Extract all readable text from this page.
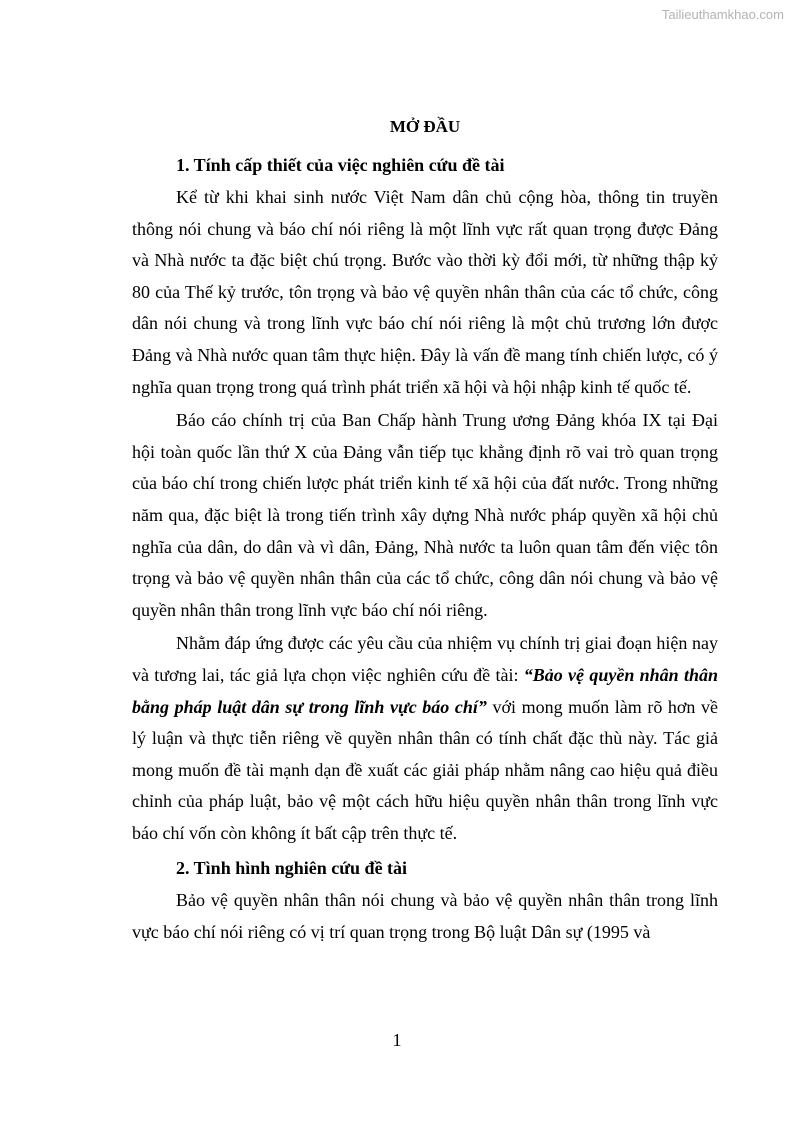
Tailieuthamkhao.com
MỞ ĐẦU
1. Tính cấp thiết của việc nghiên cứu đề tài

Kể từ khi khai sinh nước Việt Nam dân chủ cộng hòa, thông tin truyền thông nói chung và báo chí nói riêng là một lĩnh vực rất quan trọng được Đảng và Nhà nước ta đặc biệt chú trọng. Bước vào thời kỳ đổi mới, từ những thập kỷ 80 của Thế kỷ trước, tôn trọng và bảo vệ quyền nhân thân của các tổ chức, công dân nói chung và trong lĩnh vực báo chí nói riêng là một chủ trương lớn được Đảng và Nhà nước quan tâm thực hiện. Đây là vấn đề mang tính chiến lược, có ý nghĩa quan trọng trong quá trình phát triển xã hội và hội nhập kinh tế quốc tế.

Báo cáo chính trị của Ban Chấp hành Trung ương Đảng khóa IX tại Đại hội toàn quốc lần thứ X của Đảng vẫn tiếp tục khẳng định rõ vai trò quan trọng của báo chí trong chiến lược phát triển kinh tế xã hội của đất nước. Trong những năm qua, đặc biệt là trong tiến trình xây dựng Nhà nước pháp quyền xã hội chủ nghĩa của dân, do dân và vì dân, Đảng, Nhà nước ta luôn quan tâm đến việc tôn trọng và bảo vệ quyền nhân thân của các tổ chức, công dân nói chung và bảo vệ quyền nhân thân trong lĩnh vực báo chí nói riêng.

Nhằm đáp ứng được các yêu cầu của nhiệm vụ chính trị giai đoạn hiện nay và tương lai, tác giả lựa chọn việc nghiên cứu đề tài: “Bảo vệ quyền nhân thân bằng pháp luật dân sự trong lĩnh vực báo chí” với mong muốn làm rõ hơn về lý luận và thực tiễn riêng về quyền nhân thân có tính chất đặc thù này. Tác giả mong muốn đề tài mạnh dạn đề xuất các giải pháp nhằm nâng cao hiệu quả điều chỉnh của pháp luật, bảo vệ một cách hữu hiệu quyền nhân thân trong lĩnh vực báo chí vốn còn không ít bất cập trên thực tế.

2. Tình hình nghiên cứu đề tài

Bảo vệ quyền nhân thân nói chung và bảo vệ quyền nhân thân trong lĩnh vực báo chí nói riêng có vị trí quan trọng trong Bộ luật Dân sự (1995 và

1
